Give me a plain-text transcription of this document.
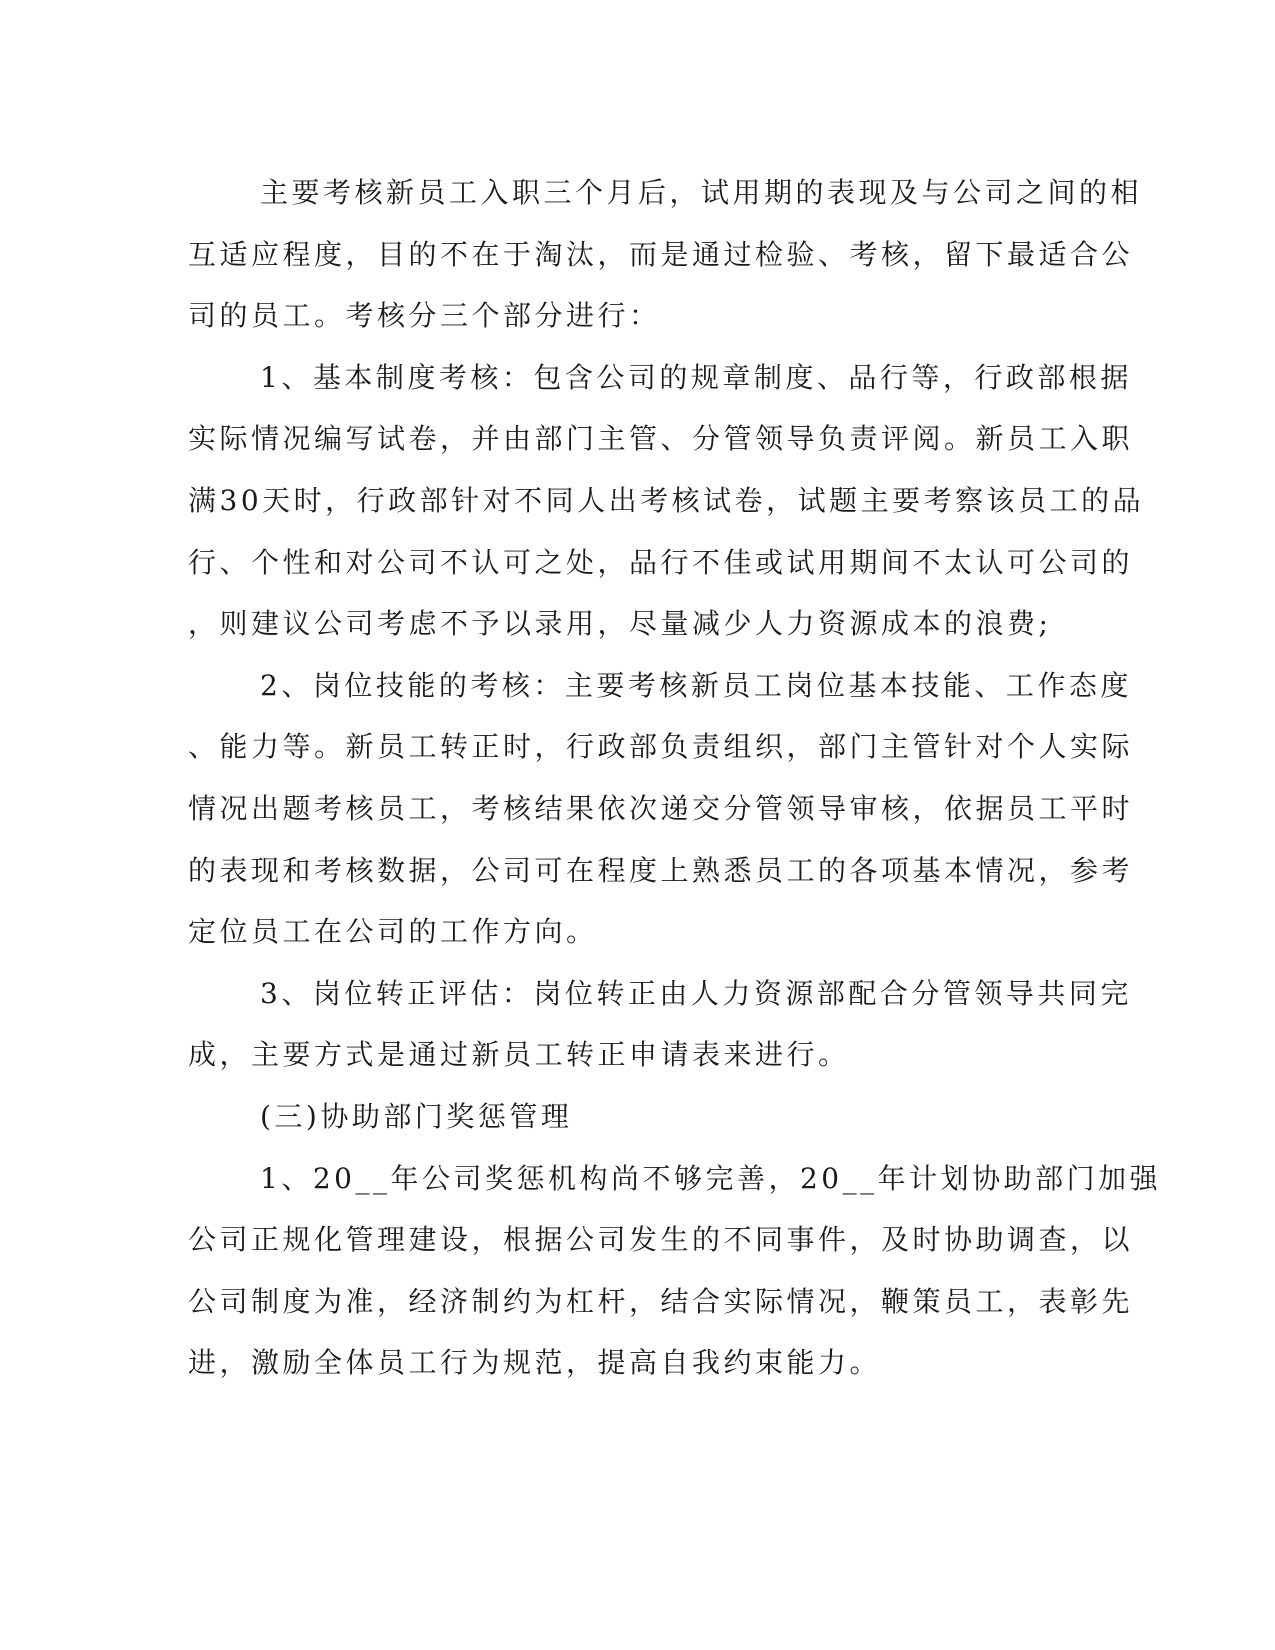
主要考核新员工入职三个月后，试用期的表现及与公司之间的相
互适应程度，目的不在于淘汰，而是通过检验、考核，留下最适合公
司的员工。考核分三个部分进行：
1、基本制度考核：包含公司的规章制度、品行等，行政部根据
实际情况编写试卷，并由部门主管、分管领导负责评阅。新员工入职
满30天时，行政部针对不同人出考核试卷，试题主要考察该员工的品
行、个性和对公司不认可之处，品行不佳或试用期间不太认可公司的
，则建议公司考虑不予以录用，尽量减少人力资源成本的浪费;
2、岗位技能的考核：主要考核新员工岗位基本技能、工作态度
、能力等。新员工转正时，行政部负责组织，部门主管针对个人实际
情况出题考核员工，考核结果依次递交分管领导审核，依据员工平时
的表现和考核数据，公司可在程度上熟悉员工的各项基本情况，参考
定位员工在公司的工作方向。
3、岗位转正评估：岗位转正由人力资源部配合分管领导共同完
成，主要方式是通过新员工转正申请表来进行。
(三)协助部门奖惩管理
1、20__年公司奖惩机构尚不够完善，20__年计划协助部门加强
公司正规化管理建设，根据公司发生的不同事件，及时协助调查，以
公司制度为准，经济制约为杠杆，结合实际情况，鞭策员工，表彰先
进，激励全体员工行为规范，提高自我约束能力。
